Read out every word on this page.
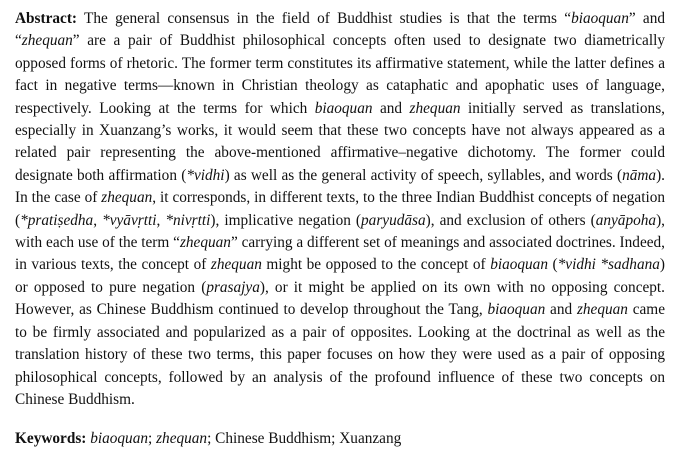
Abstract: The general consensus in the field of Buddhist studies is that the terms “biaoquan” and “zhequan” are a pair of Buddhist philosophical concepts often used to designate two diametrically opposed forms of rhetoric. The former term constitutes its affirmative statement, while the latter defines a fact in negative terms—known in Christian theology as cataphatic and apophatic uses of language, respectively. Looking at the terms for which biaoquan and zhequan initially served as translations, especially in Xuanzang’s works, it would seem that these two concepts have not always appeared as a related pair representing the above-mentioned affirmative–negative dichotomy. The former could designate both affirmation (*vidhi) as well as the general activity of speech, syllables, and words (nāma). In the case of zhequan, it corresponds, in different texts, to the three Indian Buddhist concepts of negation (*pratiṣedha, *vyāvṛtti, *nivṛtti), implicative negation (paryudāsa), and exclusion of others (anyāpoha), with each use of the term “zhequan” carrying a different set of meanings and associated doctrines. Indeed, in various texts, the concept of zhequan might be opposed to the concept of biaoquan (*vidhi *sadhana) or opposed to pure negation (prasajya), or it might be applied on its own with no opposing concept. However, as Chinese Buddhism continued to develop throughout the Tang, biaoquan and zhequan came to be firmly associated and popularized as a pair of opposites. Looking at the doctrinal as well as the translation history of these two terms, this paper focuses on how they were used as a pair of opposing philosophical concepts, followed by an analysis of the profound influence of these two concepts on Chinese Buddhism.

Keywords: biaoquan; zhequan; Chinese Buddhism; Xuanzang
